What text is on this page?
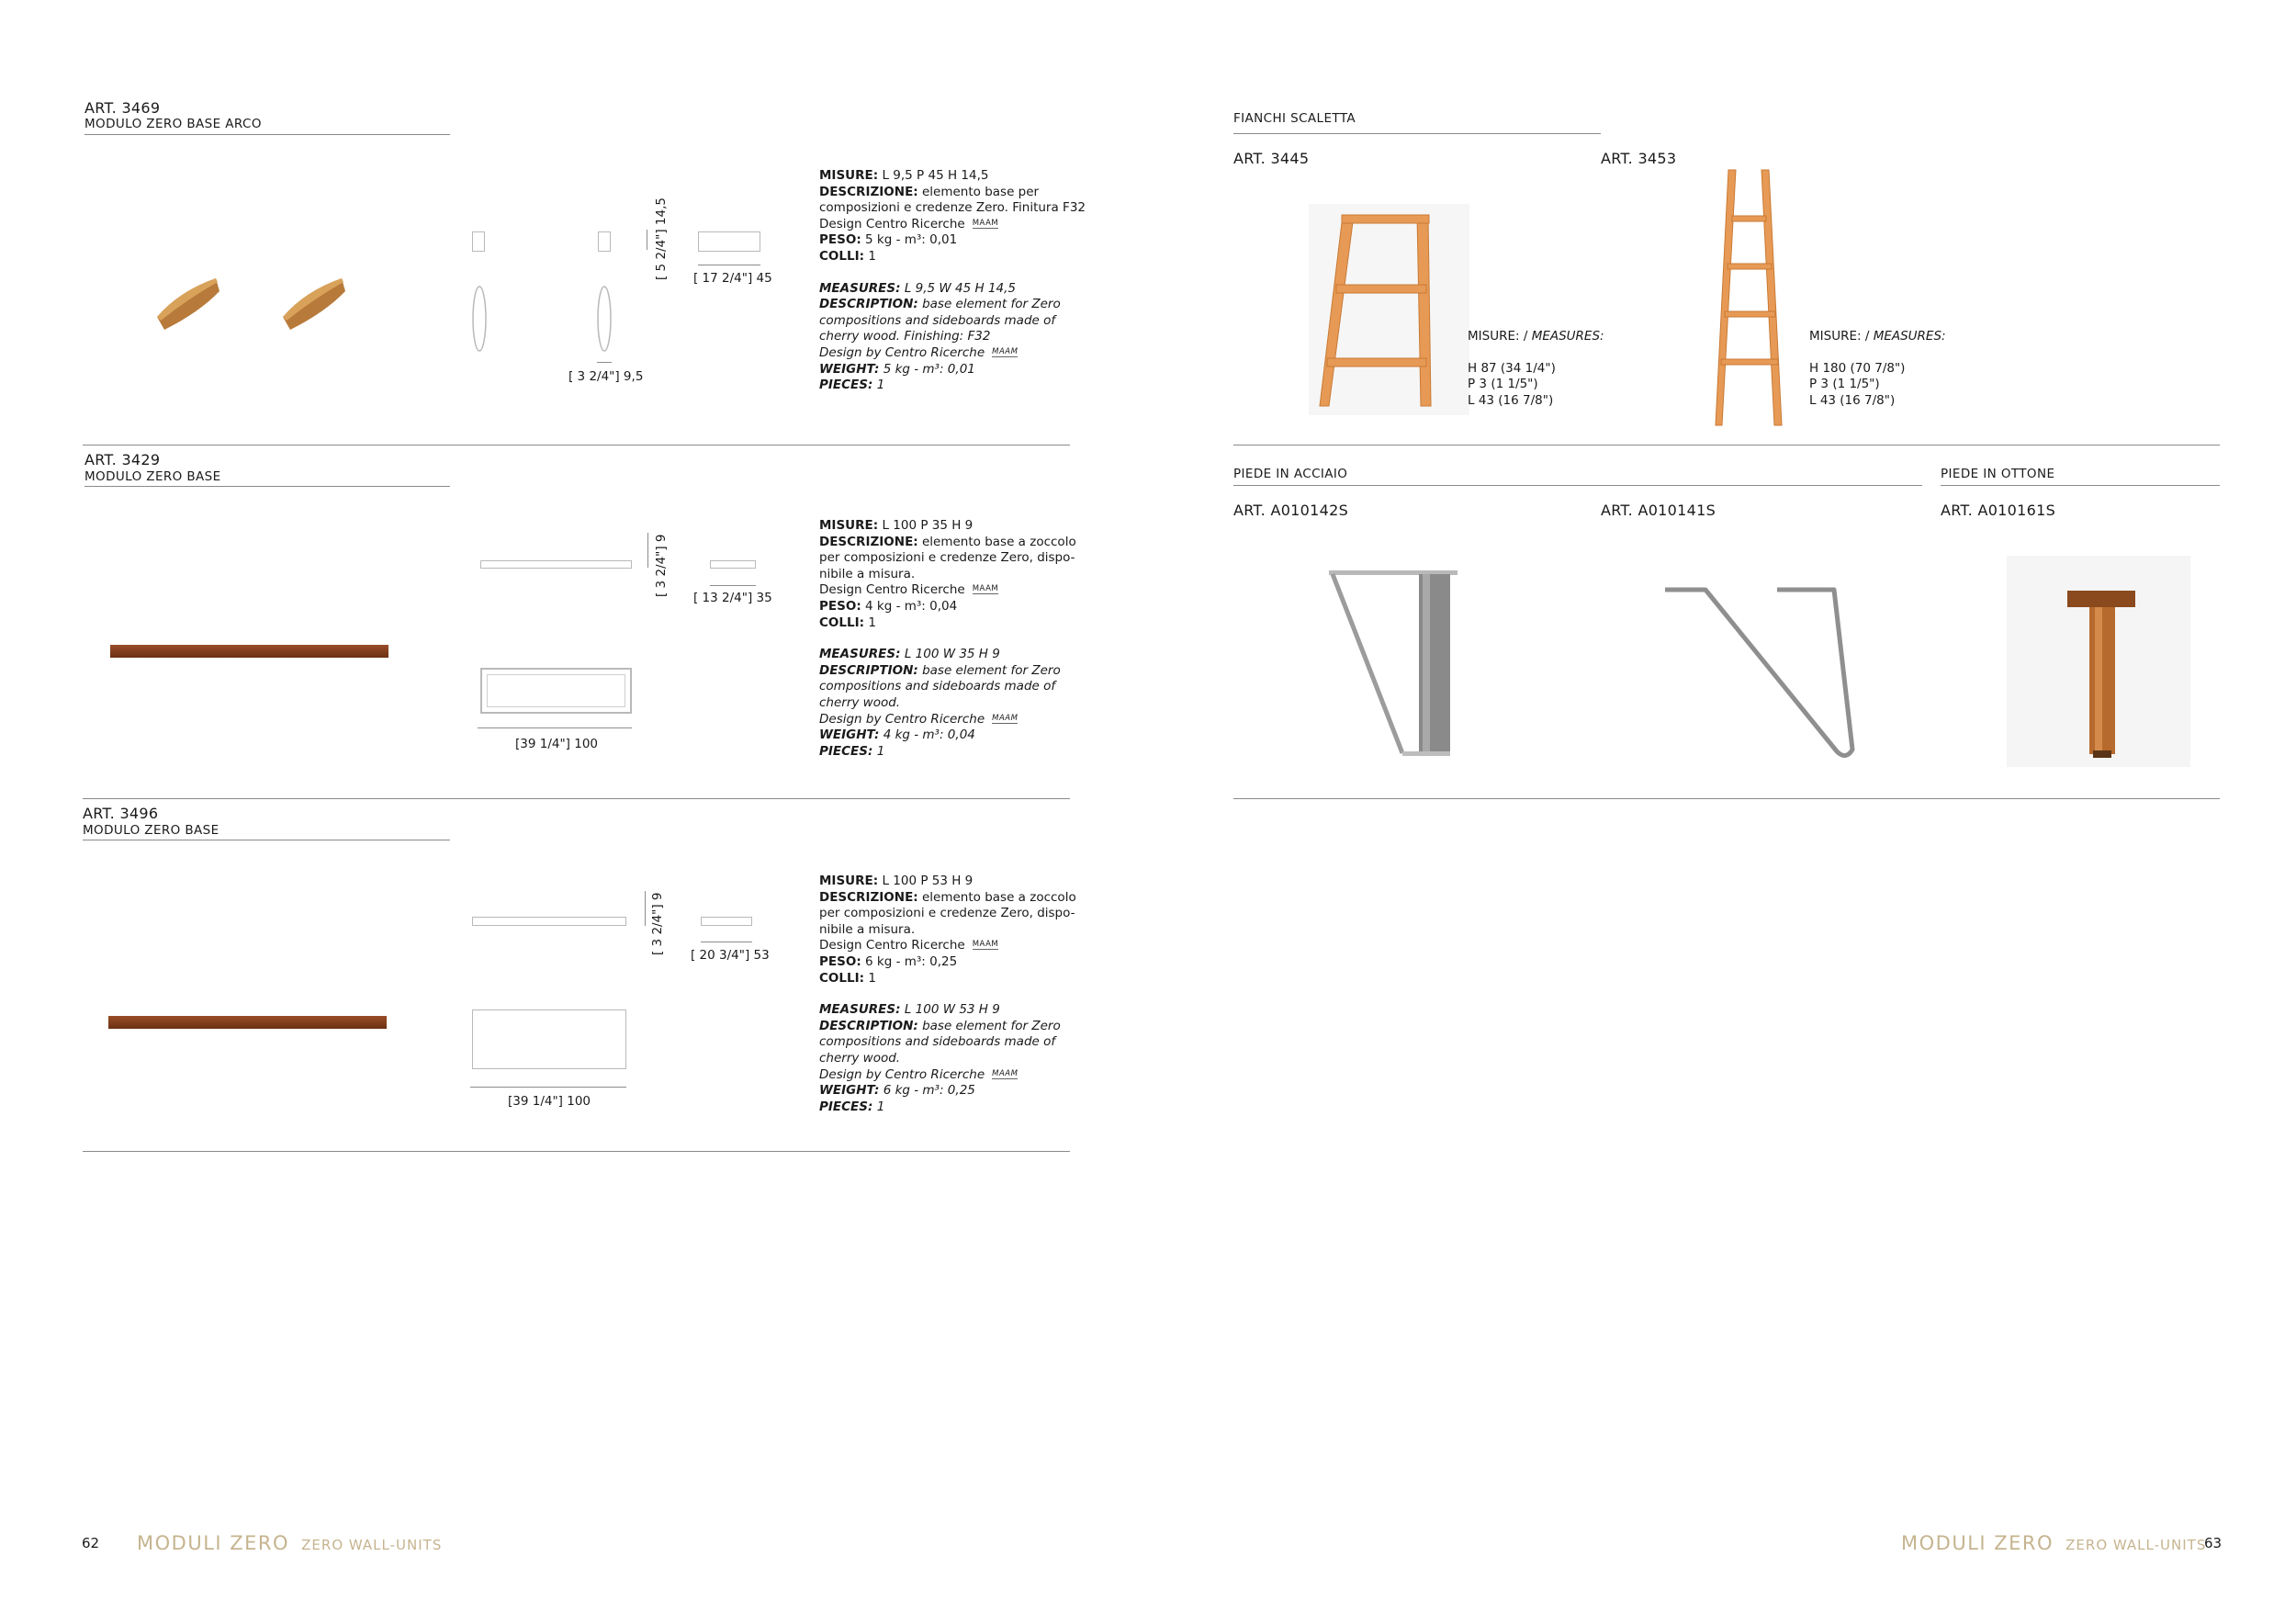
ART. 3469
MODULO ZERO BASE ARCO
[ 3 2/4"] 9,5
[ 5 2/4"] 14,5 [ 17 2/4"] 45
MISURE: L 9,5 P 45 H 14,5
DESCRIZIONE: elemento base per composizioni e credenze Zero. Finitura F32
Design Centro Ricerche MAAM
PESO: 5 kg - m³: 0,01
COLLI: 1
MEASURES: L 9,5 W 45 H 14,5
DESCRIPTION: base element for Zero compositions and sideboards made of cherry wood. Finishing: F32
Design by Centro Ricerche MAAM
WEIGHT: 5 kg - m³: 0,01
PIECES: 1
ART. 3429
MODULO ZERO BASE
[ 3 2/4"] 9
[ 13 2/4"] 35
[39 1/4"] 100
MISURE: L 100 P 35 H 9
DESCRIZIONE: elemento base a zoccolo per composizioni e credenze Zero, dispo-nibile a misura.
Design Centro Ricerche MAAM
PESO: 4 kg - m³: 0,04
COLLI: 1
MEASURES: L 100 W 35 H 9
DESCRIPTION: base element for Zero compositions and sideboards made of cherry wood.
Design by Centro Ricerche MAAM
WEIGHT: 4 kg - m³: 0,04
PIECES: 1
ART. 3496
MODULO ZERO BASE
[ 3 2/4"] 9 [ 20 3/4"] 53
[39 1/4"] 100
MISURE: L 100 P 53 H 9
DESCRIZIONE: elemento base a zoccolo per composizioni e credenze Zero, dispo-nibile a misura.
Design Centro Ricerche MAAM
PESO: 6 kg - m³: 0,25
COLLI: 1
MEASURES: L 100 W 53 H 9
DESCRIPTION: base element for Zero compositions and sideboards made of cherry wood.
Design by Centro Ricerche MAAM
WEIGHT: 6 kg - m³: 0,25
PIECES: 1
62 MODULI ZERO ZERO WALL-UNITS
FIANCHI SCALETTA
ART. 3445	ART. 3453
MISURE: / MEASURES:
H 87 (34 1/4")
P 3 (1 1/5")
L 43 (16 7/8")
MISURE: / MEASURES:
H 180 (70 7/8")
P 3 (1 1/5")
L 43 (16 7/8")
PIEDE IN ACCIAIO	PIEDE IN OTTONE
ART. A010142S	ART. A010141S	ART. A010161S
MODULI ZERO ZERO WALL-UNITS
63
